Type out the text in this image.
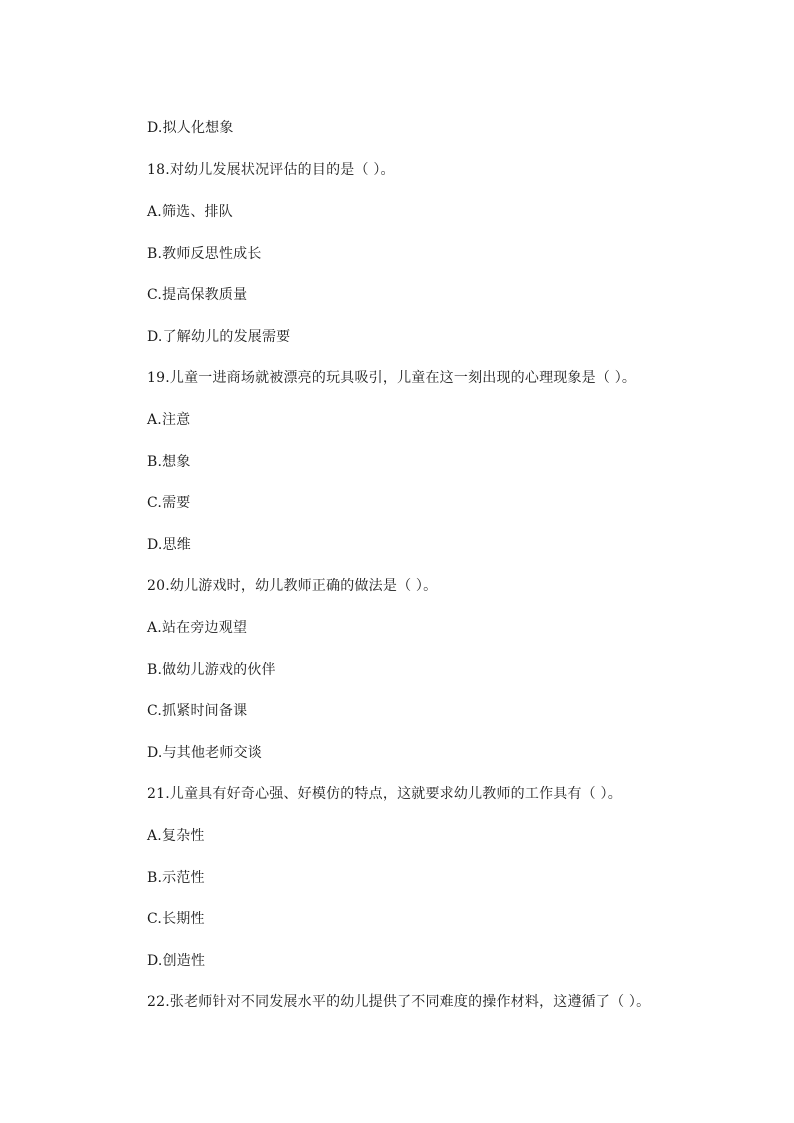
D.拟人化想象
18.对幼儿发展状况评估的目的是（ ）。
A.筛选、排队
B.教师反思性成长
C.提高保教质量
D.了解幼儿的发展需要
19.儿童一进商场就被漂亮的玩具吸引，儿童在这一刻出现的心理现象是（ ）。
A.注意
B.想象
C.需要
D.思维
20.幼儿游戏时，幼儿教师正确的做法是（ ）。
A.站在旁边观望
B.做幼儿游戏的伙伴
C.抓紧时间备课
D.与其他老师交谈
21.儿童具有好奇心强、好模仿的特点，这就要求幼儿教师的工作具有（ ）。
A.复杂性
B.示范性
C.长期性
D.创造性
22.张老师针对不同发展水平的幼儿提供了不同难度的操作材料，这遵循了（ ）。
